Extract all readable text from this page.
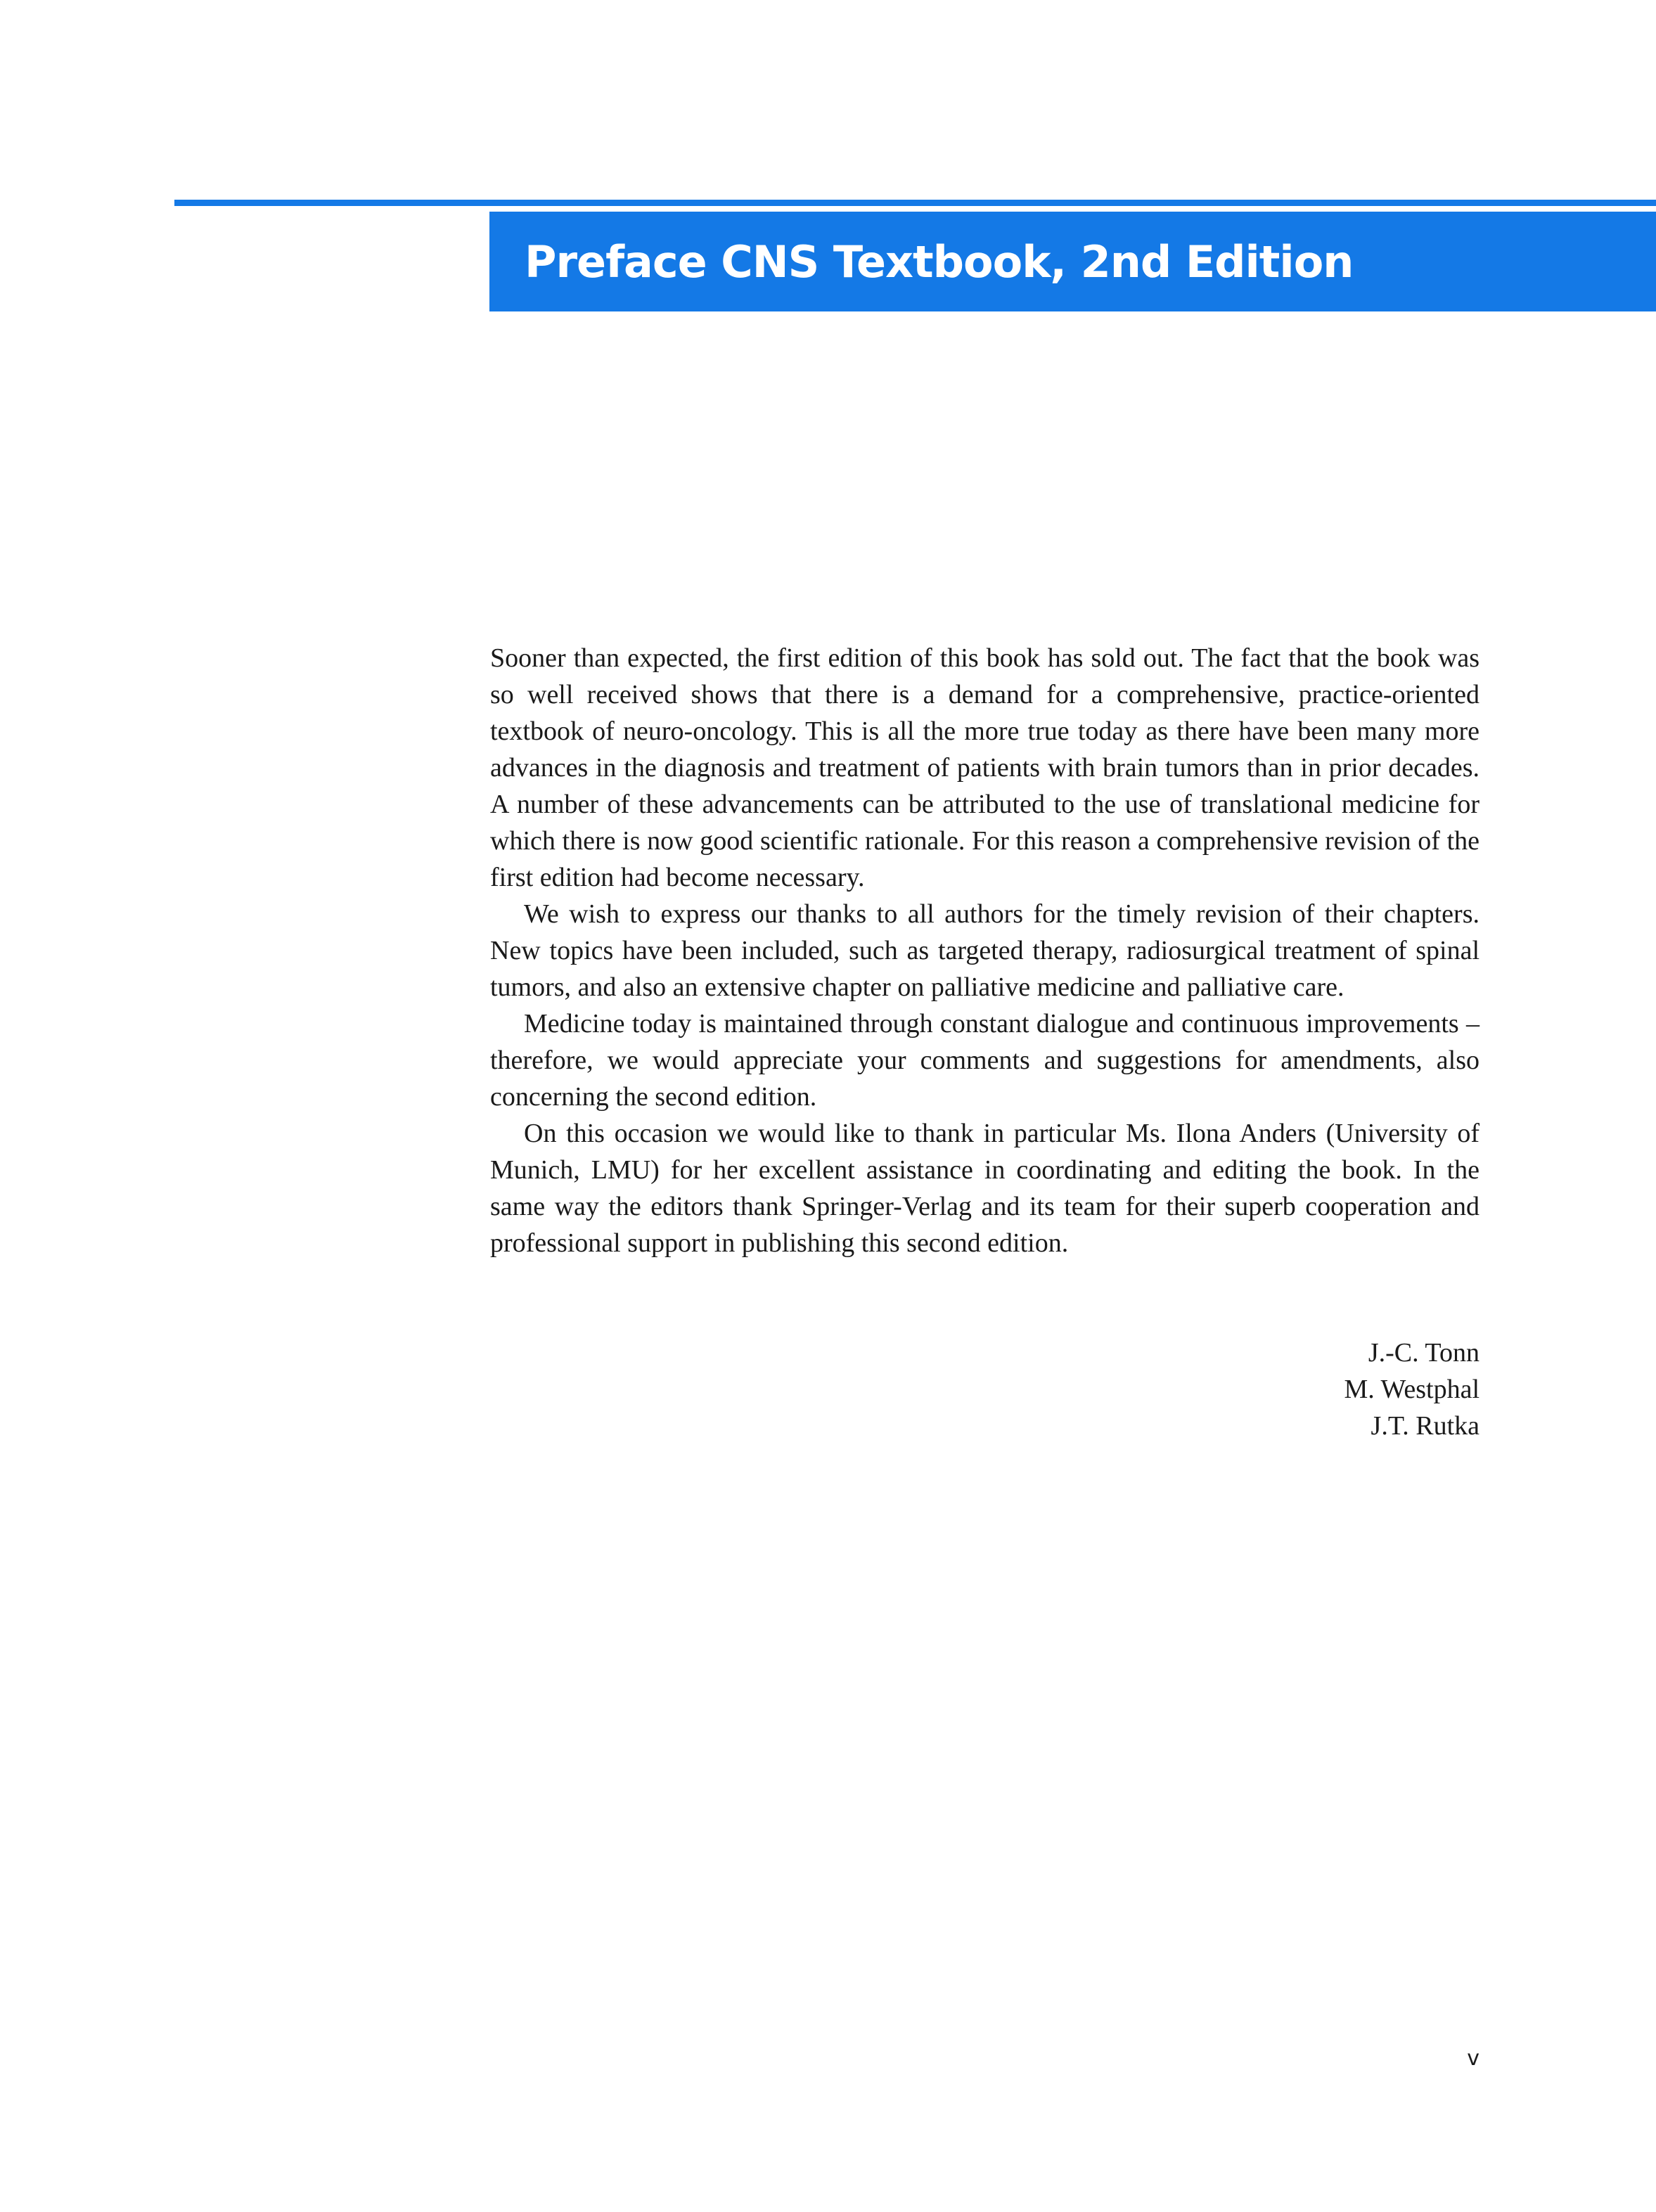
Preface CNS Textbook, 2nd Edition

Sooner than expected, the first edition of this book has sold out. The fact that the book was so well received shows that there is a demand for a comprehensive, practice-oriented textbook of neuro-oncology. This is all the more true today as there have been many more advances in the diagnosis and treatment of patients with brain tumors than in prior decades. A number of these advancements can be attributed to the use of translational medicine for which there is now good scientific rationale. For this reason a comprehensive revision of the first edition had become necessary.

We wish to express our thanks to all authors for the timely revision of their chapters. New topics have been included, such as targeted therapy, radiosurgical treatment of spinal tumors, and also an extensive chapter on palliative medicine and palliative care.

Medicine today is maintained through constant dialogue and continuous improvements – therefore, we would appreciate your comments and suggestions for amendments, also concerning the second edition.

On this occasion we would like to thank in particular Ms. Ilona Anders (University of Munich, LMU) for her excellent assistance in coordinating and editing the book. In the same way the editors thank Springer-Verlag and its team for their superb cooperation and professional support in publishing this second edition.

J.-C. Tonn
M. Westphal
J.T. Rutka
v
